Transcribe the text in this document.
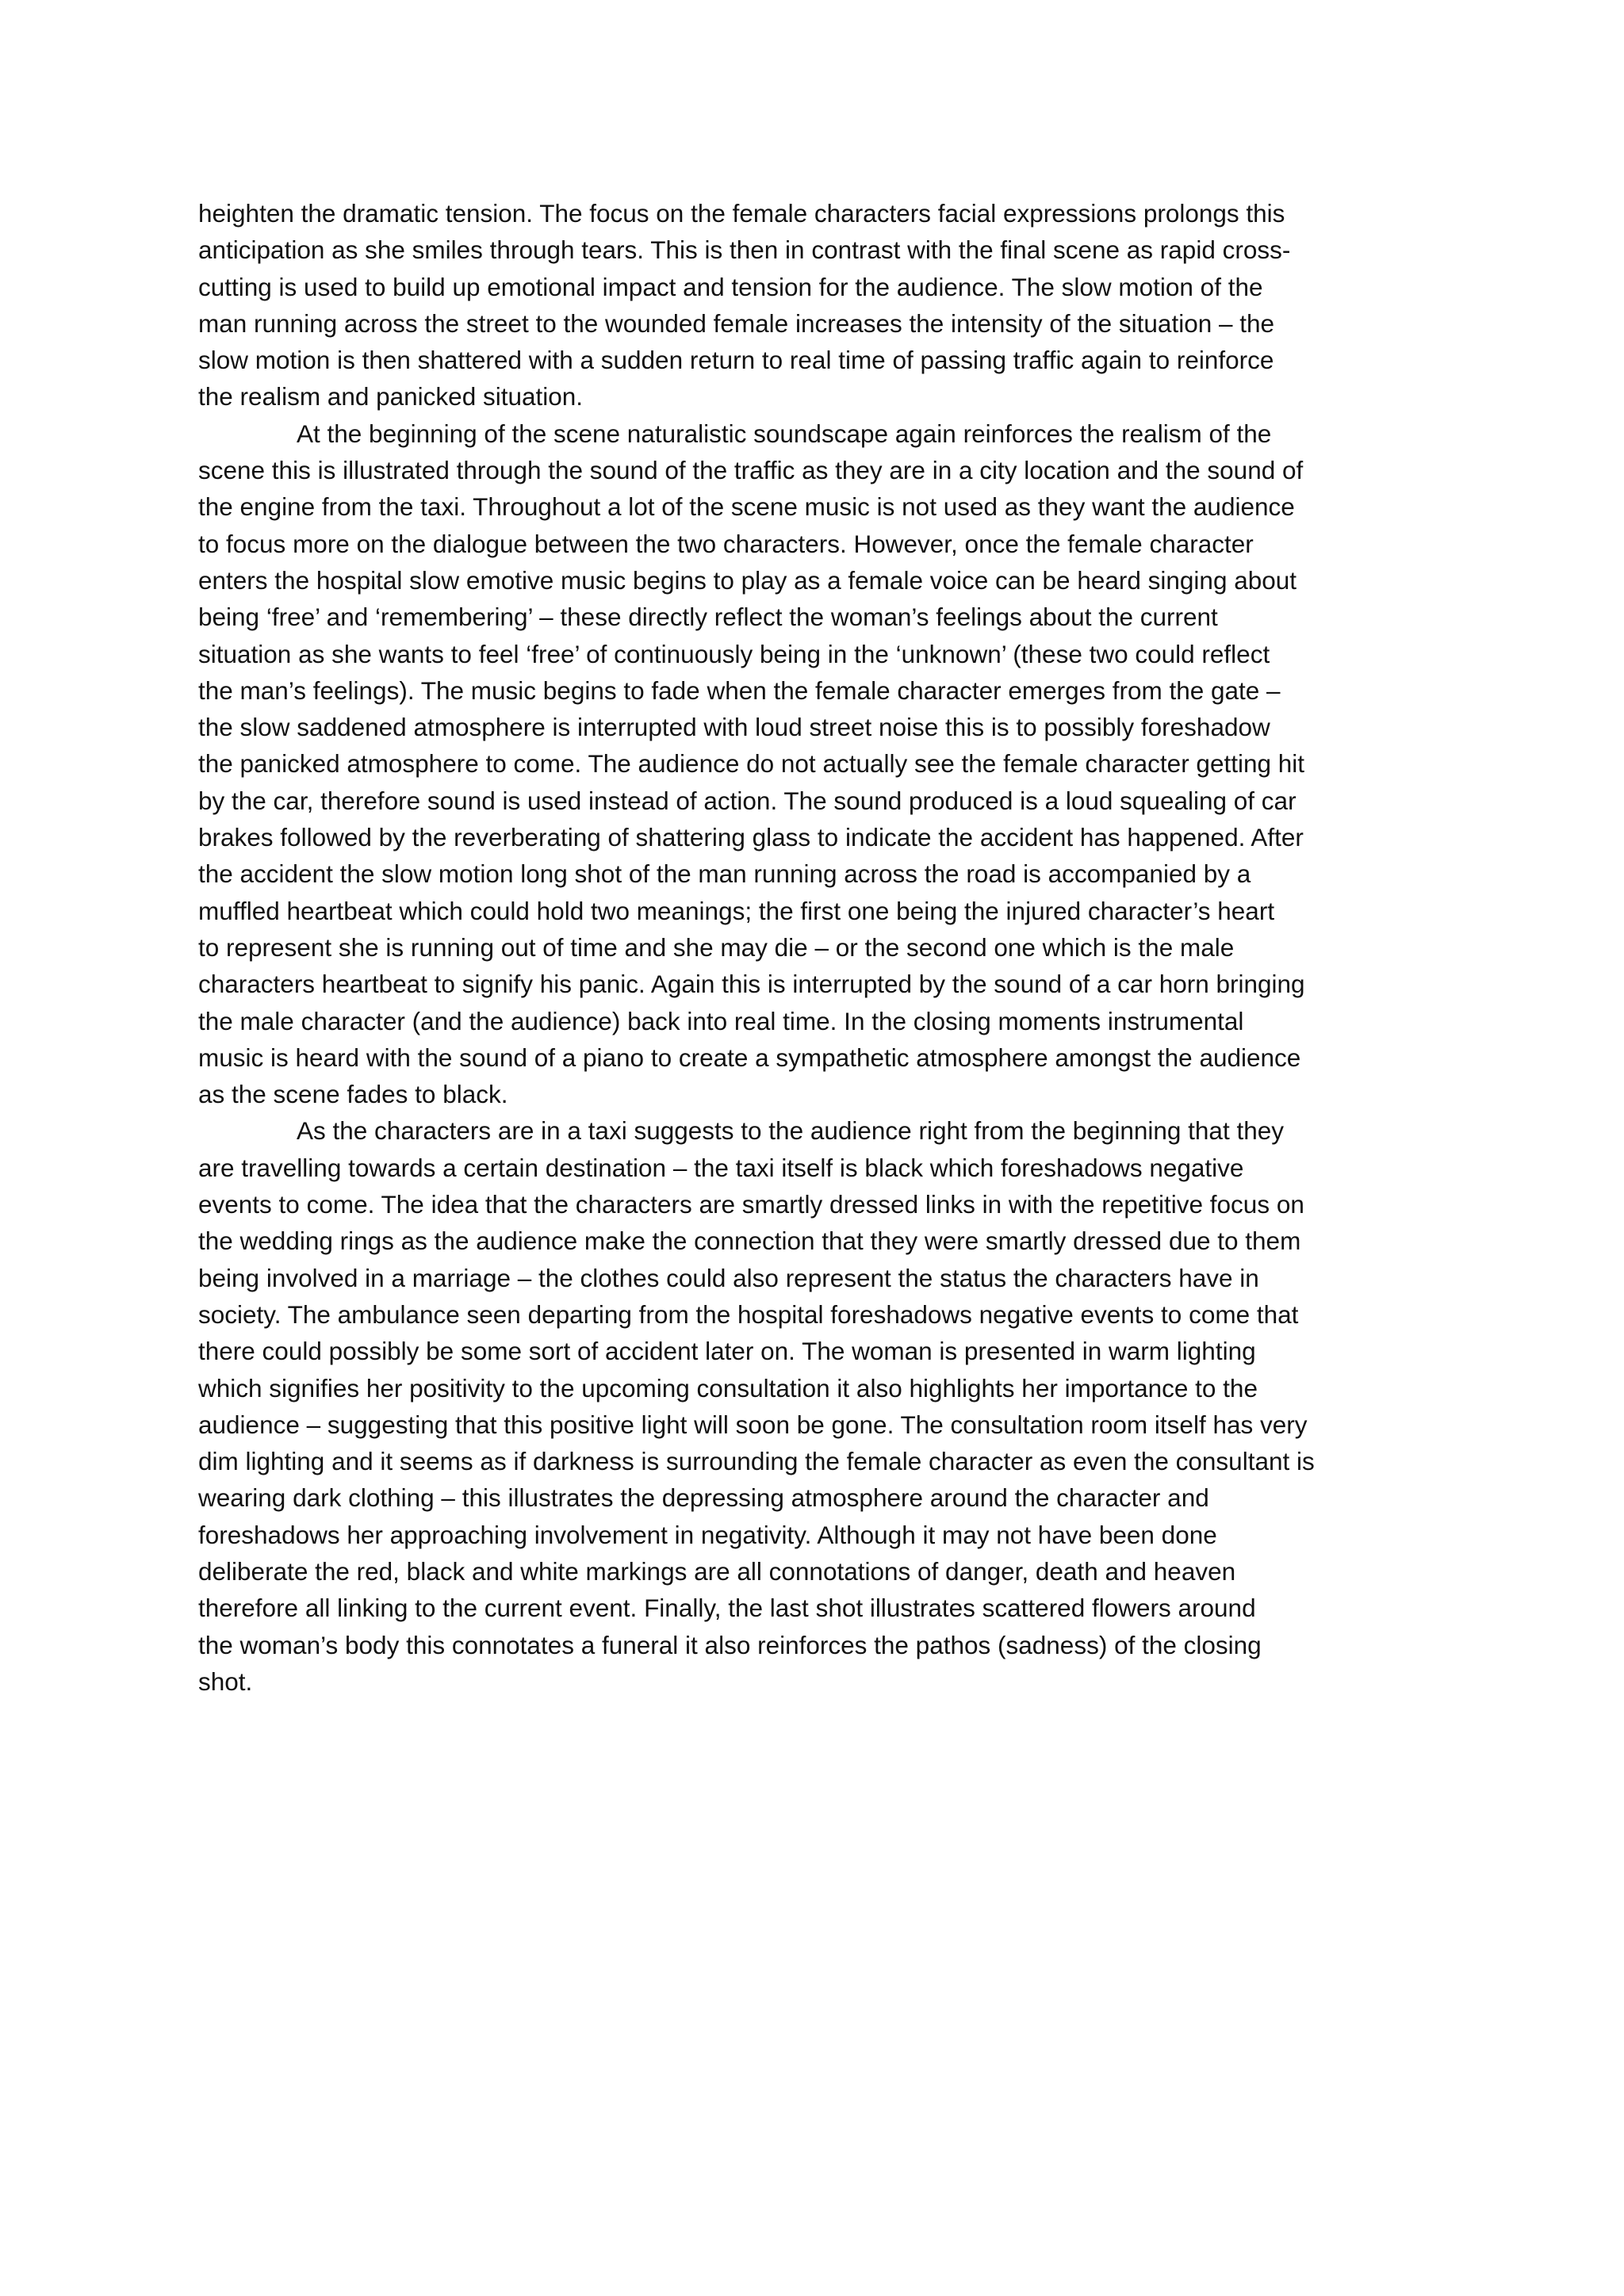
heighten the dramatic tension. The focus on the female characters facial expressions prolongs this
anticipation as she smiles through tears. This is then in contrast with the final scene as rapid cross-
cutting is used to build up emotional impact and tension for the audience. The slow motion of the
man running across the street to the wounded female increases the intensity of the situation – the
slow motion is then shattered with a sudden return to real time of passing traffic again to reinforce
the realism and panicked situation.
At the beginning of the scene naturalistic soundscape again reinforces the realism of the
scene this is illustrated through the sound of the traffic as they are in a city location and the sound of
the engine from the taxi. Throughout a lot of the scene music is not used as they want the audience
to focus more on the dialogue between the two characters. However, once the female character
enters the hospital slow emotive music begins to play as a female voice can be heard singing about
being ‘free’ and ‘remembering’ – these directly reflect the woman’s feelings about the current
situation as she wants to feel ‘free’ of continuously being in the ‘unknown’ (these two could reflect
the man’s feelings). The music begins to fade when the female character emerges from the gate –
the slow saddened atmosphere is interrupted with loud street noise this is to possibly foreshadow
the panicked atmosphere to come. The audience do not actually see the female character getting hit
by the car, therefore sound is used instead of action. The sound produced is a loud squealing of car
brakes followed by the reverberating of shattering glass to indicate the accident has happened. After
the accident the slow motion long shot of the man running across the road is accompanied by a
muffled heartbeat which could hold two meanings; the first one being the injured character’s heart
to represent she is running out of time and she may die – or the second one which is the male
characters heartbeat to signify his panic. Again this is interrupted by the sound of a car horn bringing
the male character (and the audience) back into real time. In the closing moments instrumental
music is heard with the sound of a piano to create a sympathetic atmosphere amongst the audience
as the scene fades to black.
As the characters are in a taxi suggests to the audience right from the beginning that they
are travelling towards a certain destination – the taxi itself is black which foreshadows negative
events to come. The idea that the characters are smartly dressed links in with the repetitive focus on
the wedding rings as the audience make the connection that they were smartly dressed due to them
being involved in a marriage – the clothes could also represent the status the characters have in
society. The ambulance seen departing from the hospital foreshadows negative events to come that
there could possibly be some sort of accident later on. The woman is presented in warm lighting
which signifies her positivity to the upcoming consultation it also highlights her importance to the
audience – suggesting that this positive light will soon be gone. The consultation room itself has very
dim lighting and it seems as if darkness is surrounding the female character as even the consultant is
wearing dark clothing – this illustrates the depressing atmosphere around the character and
foreshadows her approaching involvement in negativity. Although it may not have been done
deliberate the red, black and white markings are all connotations of danger, death and heaven
therefore all linking to the current event. Finally, the last shot illustrates scattered flowers around
the woman’s body this connotates a funeral it also reinforces the pathos (sadness) of the closing
shot.
